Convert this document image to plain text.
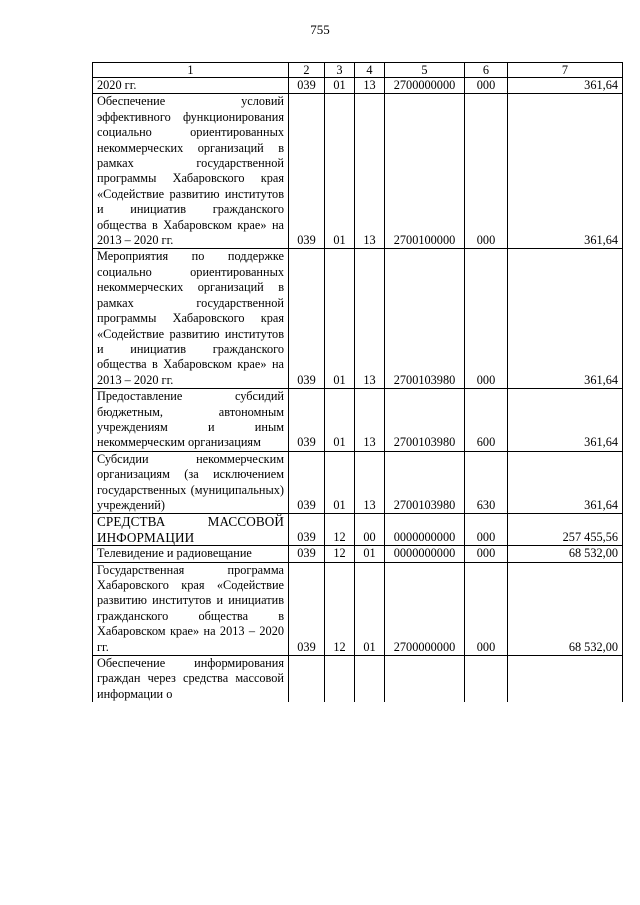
755
1	2	3	4	5	6	7
2020 гг.	039	01	13	2700000000	000	361,64
Обеспечение условий эффективного функционирования социально ориентированных некоммерческих организаций в рамках государственной программы Хабаровского края «Содействие развитию институтов и инициатив гражданского общества в Хабаровском крае» на 2013 – 2020 гг.	039	01	13	2700100000	000	361,64
Мероприятия по поддержке социально ориентированных некоммерческих организаций в рамках государственной программы Хабаровского края «Содействие развитию институтов и инициатив гражданского общества в Хабаровском крае» на 2013 – 2020 гг.	039	01	13	2700103980	000	361,64
Предоставление субсидий бюджетным, автономным учреждениям и иным некоммерческим организациям	039	01	13	2700103980	600	361,64
Субсидии некоммерческим организациям (за исключением государственных (муниципальных) учреждений)	039	01	13	2700103980	630	361,64
СРЕДСТВА МАССОВОЙ ИНФОРМАЦИИ	039	12	00	0000000000	000	257 455,56
Телевидение и радиовещание	039	12	01	0000000000	000	68 532,00
Государственная программа Хабаровского края «Содействие развитию институтов и инициатив гражданского общества в Хабаровском крае» на 2013 – 2020 гг.	039	12	01	2700000000	000	68 532,00
Обеспечение информирования граждан через средства массовой информации о						
